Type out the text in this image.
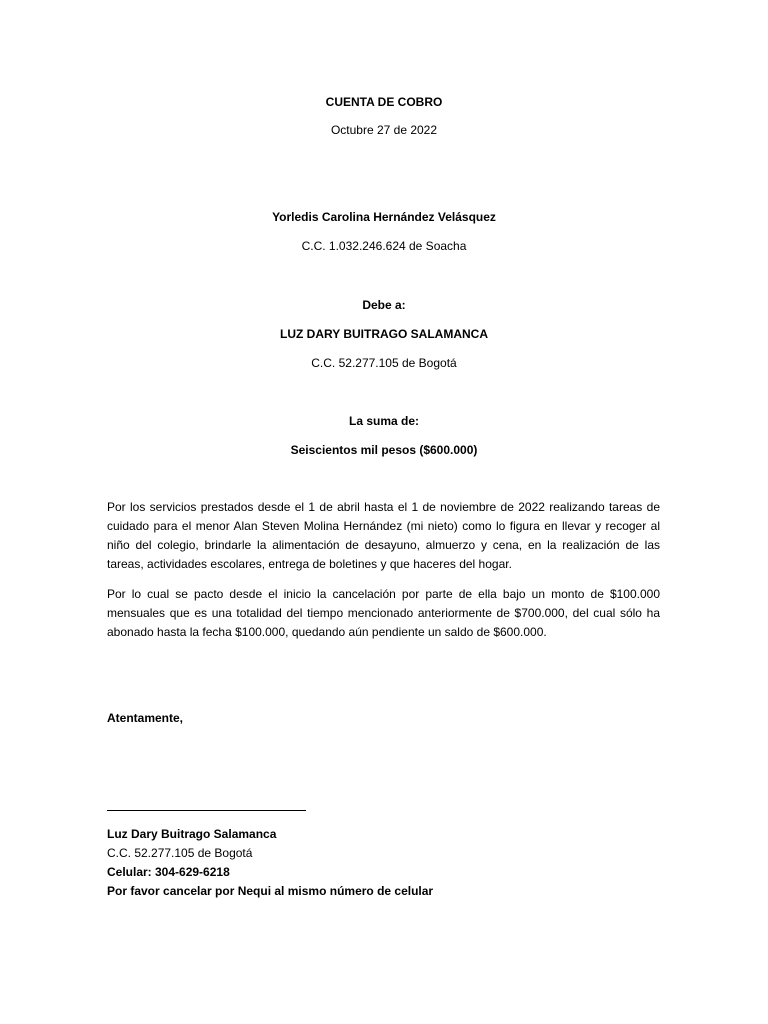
CUENTA DE COBRO
Octubre 27 de 2022
Yorledis Carolina Hernández Velásquez
C.C. 1.032.246.624 de Soacha
Debe a:
LUZ DARY BUITRAGO SALAMANCA
C.C. 52.277.105 de Bogotá
La suma de:
Seiscientos mil pesos ($600.000)
Por los servicios prestados desde el 1 de abril hasta el 1 de noviembre de 2022 realizando tareas de cuidado para el menor Alan Steven Molina Hernández (mi nieto) como lo figura en llevar y recoger al niño del colegio, brindarle la alimentación de desayuno, almuerzo y cena, en la realización de las tareas, actividades escolares, entrega de boletines y que haceres del hogar.
Por lo cual se pacto desde el inicio la cancelación por parte de ella bajo un monto de $100.000 mensuales que es una totalidad del tiempo mencionado anteriormente de $700.000, del cual sólo ha abonado hasta la fecha $100.000, quedando aún pendiente un saldo de $600.000.
Atentamente,
Luz Dary Buitrago Salamanca
C.C. 52.277.105 de Bogotá
Celular: 304-629-6218
Por favor cancelar por Nequi al mismo número de celular
